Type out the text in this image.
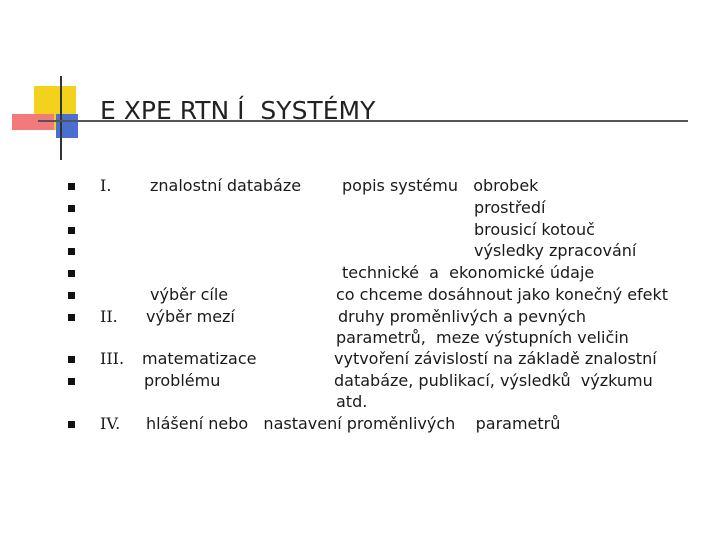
E XPE RTN Í  SYSTÉMY
I. znalostní databáze	popis systému   obrobek
prostředí
brousicí kotouč
výsledky zpracování
technické  a  ekonomické údaje
výběr cíle	co chceme dosáhnout jako konečný efekt
II. výběr mezí	druhy proměnlivých a pevných
parametrů,  meze výstupních veličin
III. matematizace	vytvoření závislostí na základě znalostní
problému	databáze, publikací, výsledků  výzkumu
atd.
IV. hlášení nebo   nastavení proměnlivých    parametrů
